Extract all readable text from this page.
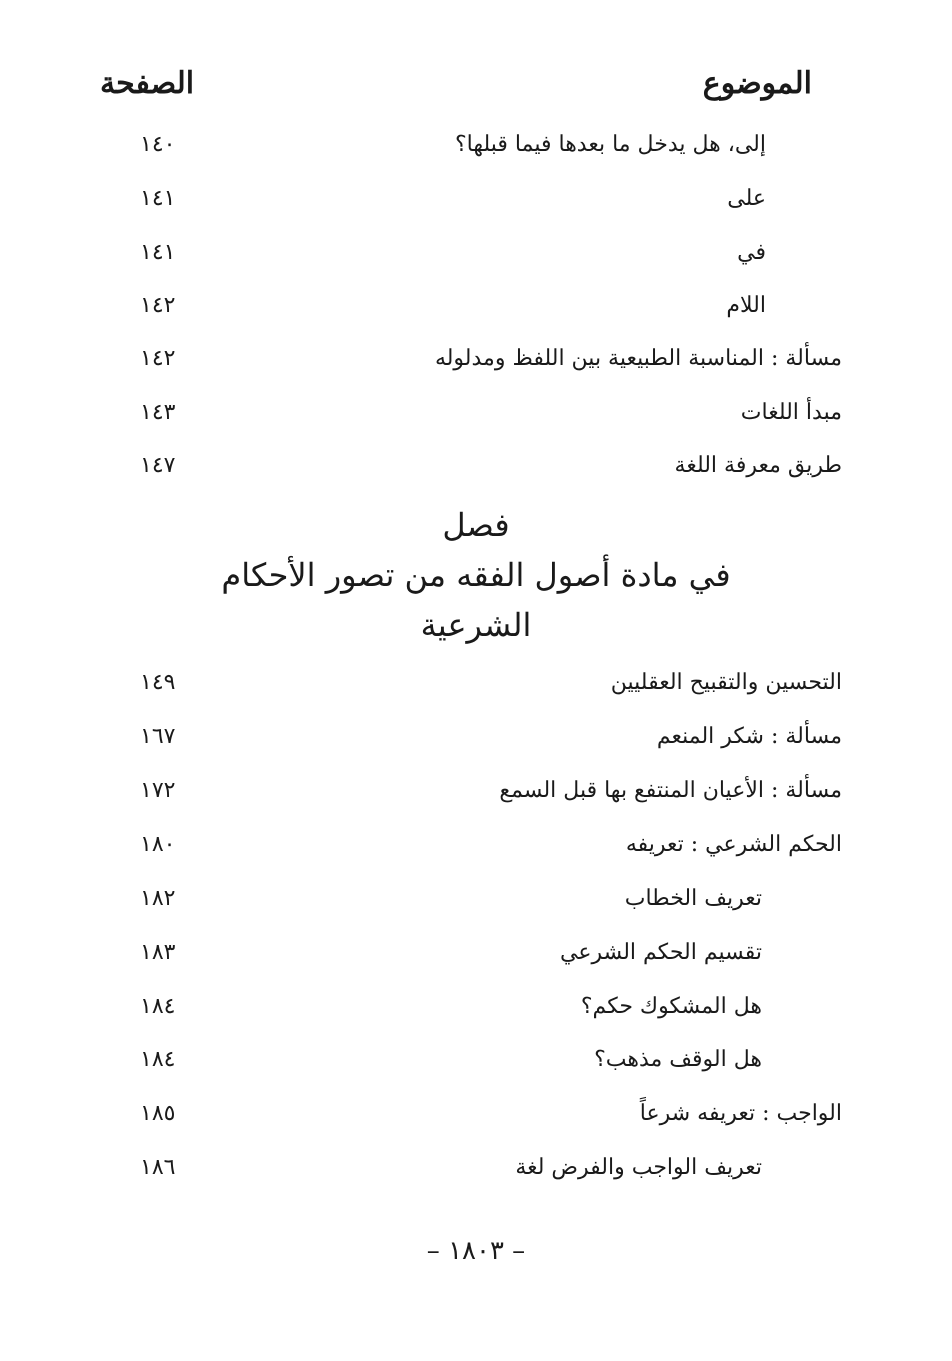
الموضوع
الصفحة
إلى، هل يدخل ما بعدها فيما قبلها؟
١٤٠
على
١٤١
في
١٤١
اللام
١٤٢
مسألة : المناسبة الطبيعية بين اللفظ ومدلوله
١٤٢
مبدأ اللغات
١٤٣
طريق معرفة اللغة
١٤٧
فصل
في مادة أصول الفقه من تصور الأحكام
الشرعية
التحسين والتقبيح العقليين
١٤٩
مسألة : شكر المنعم
١٦٧
مسألة : الأعيان المنتفع بها قبل السمع
١٧٢
الحكم الشرعي : تعريفه
١٨٠
تعريف الخطاب
١٨٢
تقسيم الحكم الشرعي
١٨٣
هل المشكوك حكم؟
١٨٤
هل الوقف مذهب؟
١٨٤
الواجب : تعريفه شرعاً
١٨٥
تعريف الواجب والفرض لغة
١٨٦
– ١٨٠٣ –
